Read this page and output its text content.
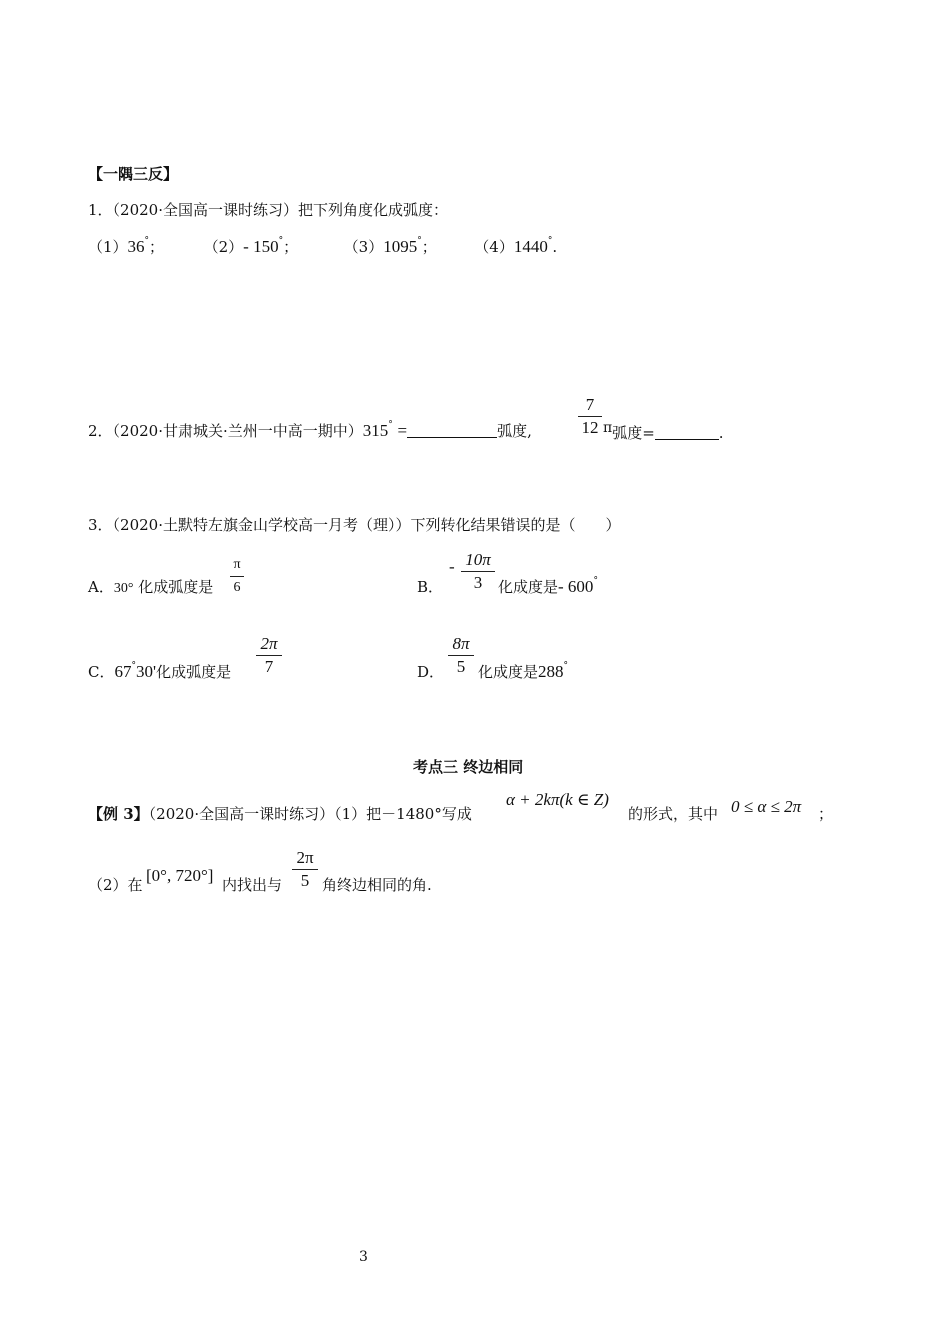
【一隅三反】
1．（2020·全国高一课时练习）把下列角度化成弧度：
（1）36°；	（2）- 150°；	（3）1095°；	（4）1440°.
2．（2020·甘肃城关·兰州一中高一期中）315° =	弧度,
7
12 π弧度=	.
3．（2020·土默特左旗金山学校高一月考（理））下列转化结果错误的是（　　）
A．30° 化成弧度是
π
6	B．
- 10π
3	化成度是- 600°
C．67°30'化成弧度是
2π
7	D．
8π
5 化成度是288°
考点三 终边相同
【例 3】（2020·全国高一课时练习）（1）把－1480°写成
α + 2kπ(k ∈ Z)
的形式，其中 0 ≤ α ≤ 2π ；
（2）在 [0°, 720°] 内找出与
2π
5 角终边相同的角.
3
